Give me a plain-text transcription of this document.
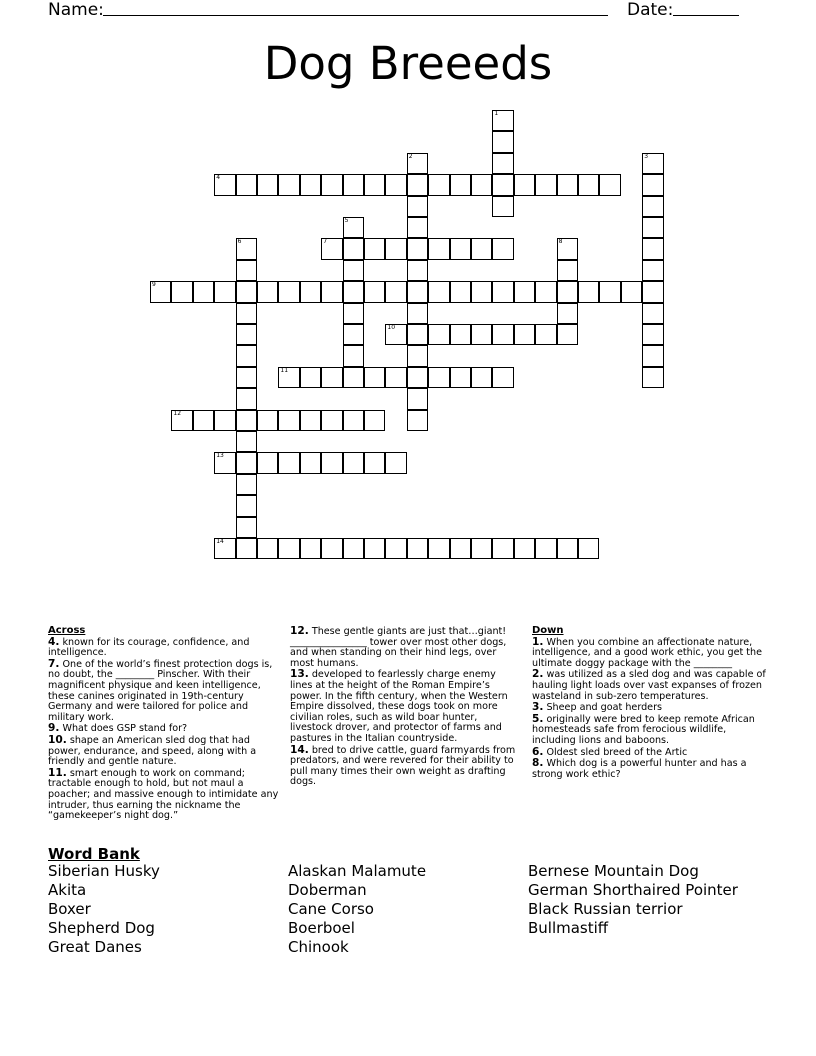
Name:	Date:
Dog Breeeds
1
2	3
4
5
6	7	8
9
10
11
12
13
14
Across

4. known for its courage, confidence, and intelligence.

7. One of the world’s finest protection dogs is, no doubt, the ________ Pinscher. With their magnificent physique and keen intelligence, these canines originated in 19th-century Germany and were tailored for police and military work.

9. What does GSP stand for?

10. shape an American sled dog that had power, endurance, and speed, along with a friendly and gentle nature.

11. smart enough to work on command; tractable enough to hold, but not maul a poacher; and massive enough to intimidate any intruder, thus earning the nickname the “gamekeeper’s night dog.”

12. These gentle giants are just that…giant! ________________ tower over most other dogs, and when standing on their hind legs, over most humans.

13. developed to fearlessly charge enemy lines at the height of the Roman Empire’s power. In the fifth century, when the Western Empire dissolved, these dogs took on more civilian roles, such as wild boar hunter, livestock drover, and protector of farms and pastures in the Italian countryside.

14. bred to drive cattle, guard farmyards from predators, and were revered for their ability to pull many times their own weight as drafting dogs.

Down

1. When you combine an affectionate nature, intelligence, and a good work ethic, you get the ultimate doggy package with the ________

2. was utilized as a sled dog and was capable of hauling light loads over vast expanses of frozen wasteland in sub-zero temperatures.

3. Sheep and goat herders

5. originally were bred to keep remote African homesteads safe from ferocious wildlife, including lions and baboons.

6. Oldest sled breed of the Artic

8. Which dog is a powerful hunter and has a strong work ethic?

Word Bank
Siberian Husky
Akita
Boxer
Shepherd Dog
Great Danes
Alaskan Malamute
Doberman
Cane Corso
Boerboel
Chinook
Bernese Mountain Dog
German Shorthaired Pointer
Black Russian terrior
Bullmastiff
